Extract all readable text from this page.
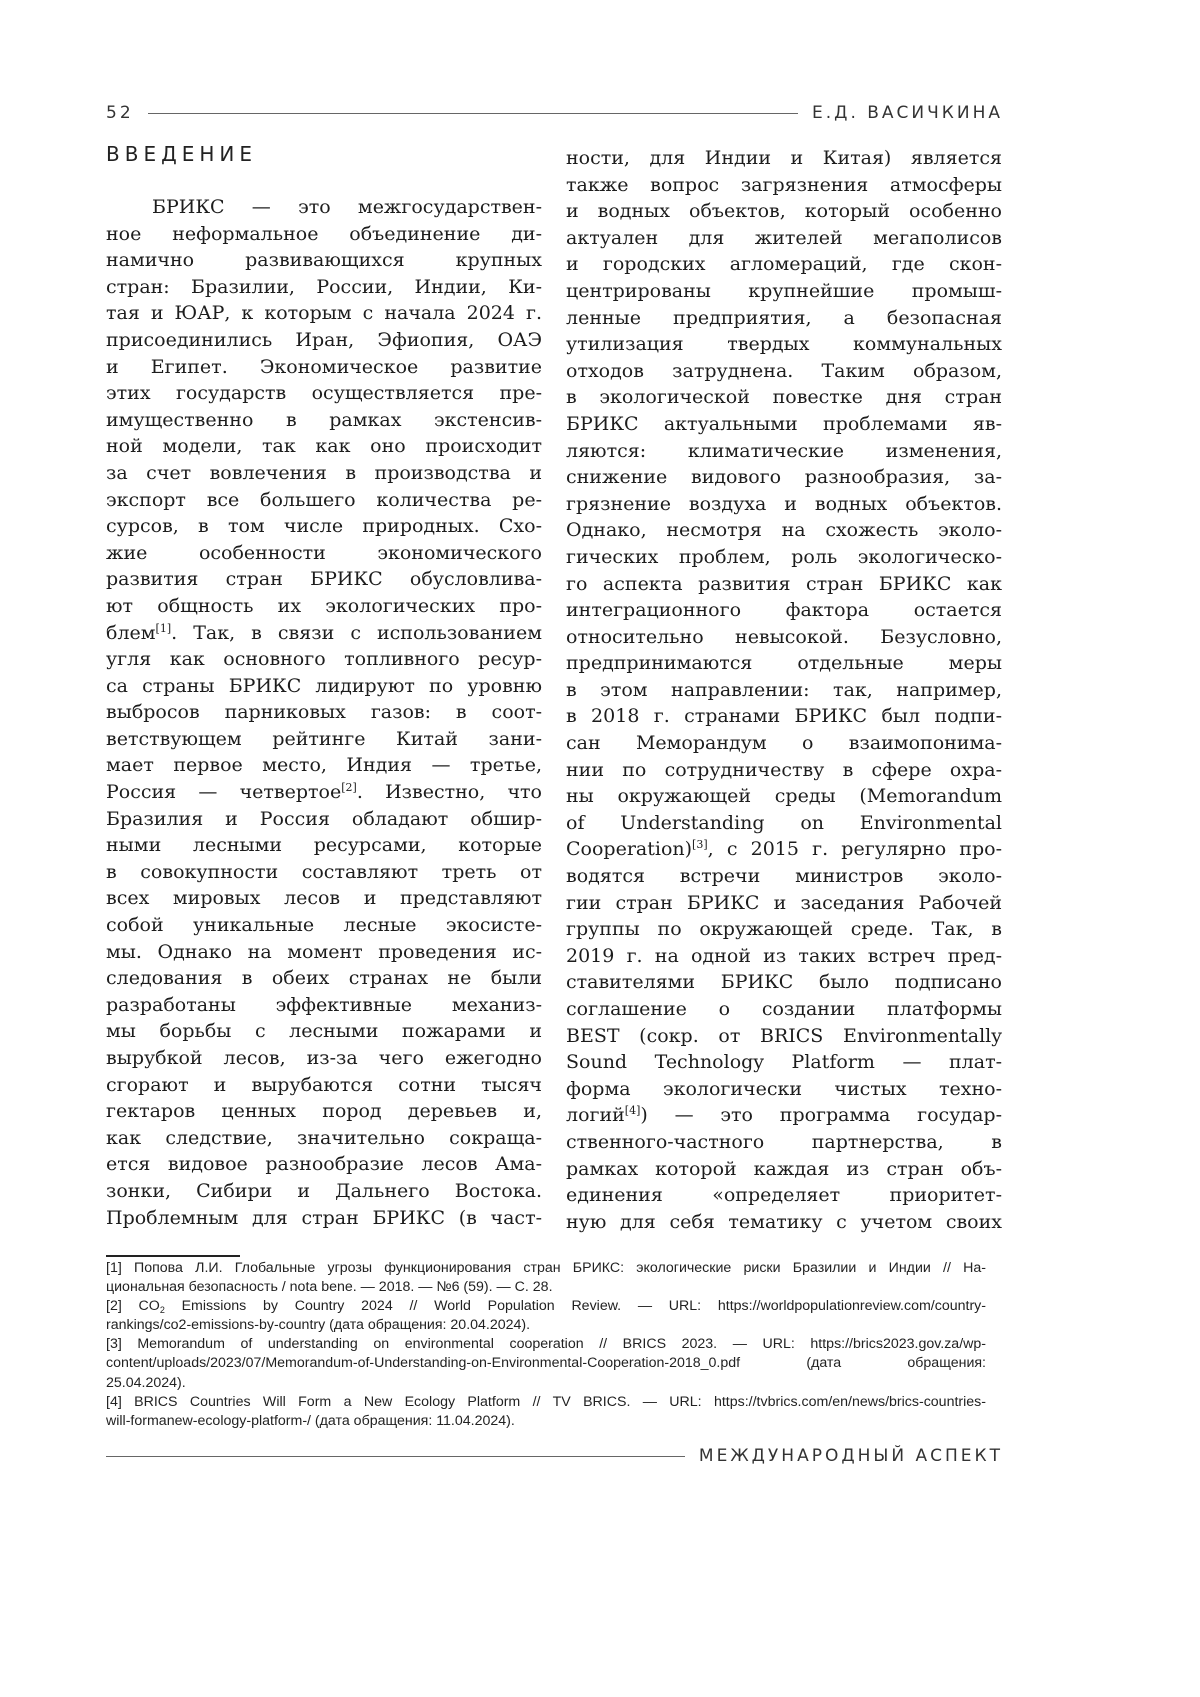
52	Е.Д. ВАСИЧКИНА
ВВЕДЕНИЕ
БРИКС — это межгосударствен-
ное неформальное объединение ди-
намично развивающихся крупных
стран: Бразилии, России, Индии, Ки-
тая и ЮАР, к которым с начала 2024 г.
присоединились Иран, Эфиопия, ОАЭ
и Египет. Экономическое развитие
этих государств осуществляется пре-
имущественно в рамках экстенсив-
ной модели, так как оно происходит
за счет вовлечения в производства и
экспорт все большего количества ре-
сурсов, в том числе природных. Схо-
жие особенности экономического
развития стран БРИКС обусловлива-
ют общность их экологических про-
блем[1]. Так, в связи с использованием
угля как основного топливного ресур-
са страны БРИКС лидируют по уровню
выбросов парниковых газов: в соот-
ветствующем рейтинге Китай зани-
мает первое место, Индия — третье,
Россия — четвертое[2]. Известно, что
Бразилия и Россия обладают обшир-
ными лесными ресурсами, которые
в совокупности составляют треть от
всех мировых лесов и представляют
собой уникальные лесные экосисте-
мы. Однако на момент проведения ис-
следования в обеих странах не были
разработаны эффективные механиз-
мы борьбы с лесными пожарами и
вырубкой лесов, из-за чего ежегодно
сгорают и вырубаются сотни тысяч
гектаров ценных пород деревьев и,
как следствие, значительно сокраща-
ется видовое разнообразие лесов Ама-
зонки, Сибири и Дальнего Востока.
Проблемным для стран БРИКС (в част-
ности, для Индии и Китая) является
также вопрос загрязнения атмосферы
и водных объектов, который особенно
актуален для жителей мегаполисов
и городских агломераций, где скон-
центрированы крупнейшие промыш-
ленные предприятия, а безопасная
утилизация твердых коммунальных
отходов затруднена. Таким образом,
в экологической повестке дня стран
БРИКС актуальными проблемами яв-
ляются: климатические изменения,
снижение видового разнообразия, за-
грязнение воздуха и водных объектов.
Однако, несмотря на схожесть эколо-
гических проблем, роль экологическо-
го аспекта развития стран БРИКС как
интеграционного фактора остается
относительно невысокой. Безусловно,
предпринимаются отдельные меры
в этом направлении: так, например,
в 2018 г. странами БРИКС был подпи-
сан Меморандум о взаимопонима-
нии по сотрудничеству в сфере охра-
ны окружающей среды (Memorandum
of Understanding on Environmental
Cooperation)[3], с 2015 г. регулярно про-
водятся встречи министров эколо-
гии стран БРИКС и заседания Рабочей
группы по окружающей среде. Так, в
2019 г. на одной из таких встреч пред-
ставителями БРИКС было подписано
соглашение о создании платформы
BEST (сокр. от BRICS Environmentally
Sound Technology Platform — плат-
форма экологически чистых техно-
логий[4]) — это программа государ-
ственного-частного партнерства, в
рамках которой каждая из стран объ-
единения «определяет приоритет-
ную для себя тематику с учетом своих
[1] Попова Л.И. Глобальные угрозы функционирования стран БРИКС: экологические риски Бразилии и Индии // На-
циональная безопасность / nota bene. — 2018. — №6 (59). — С. 28.
[2] CO2 Emissions by Country 2024 // World Population Review. — URL: https://worldpopulationreview.com/country-
rankings/co2-emissions-by-country (дата обращения: 20.04.2024).
[3] Memorandum of understanding on environmental cooperation // BRICS 2023. — URL: https://brics2023.gov.za/wp-
content/uploads/2023/07/Memorandum-of-Understanding-on-Environmental-Cooperation-2018_0.pdf (дата обращения:
25.04.2024).
[4] BRICS Countries Will Form a New Ecology Platform // TV BRICS. — URL: https://tvbrics.com/en/news/brics-countries-
will-formanew-ecology-platform-/ (дата обращения: 11.04.2024).
МЕЖДУНАРОДНЫЙ АСПЕКТ
